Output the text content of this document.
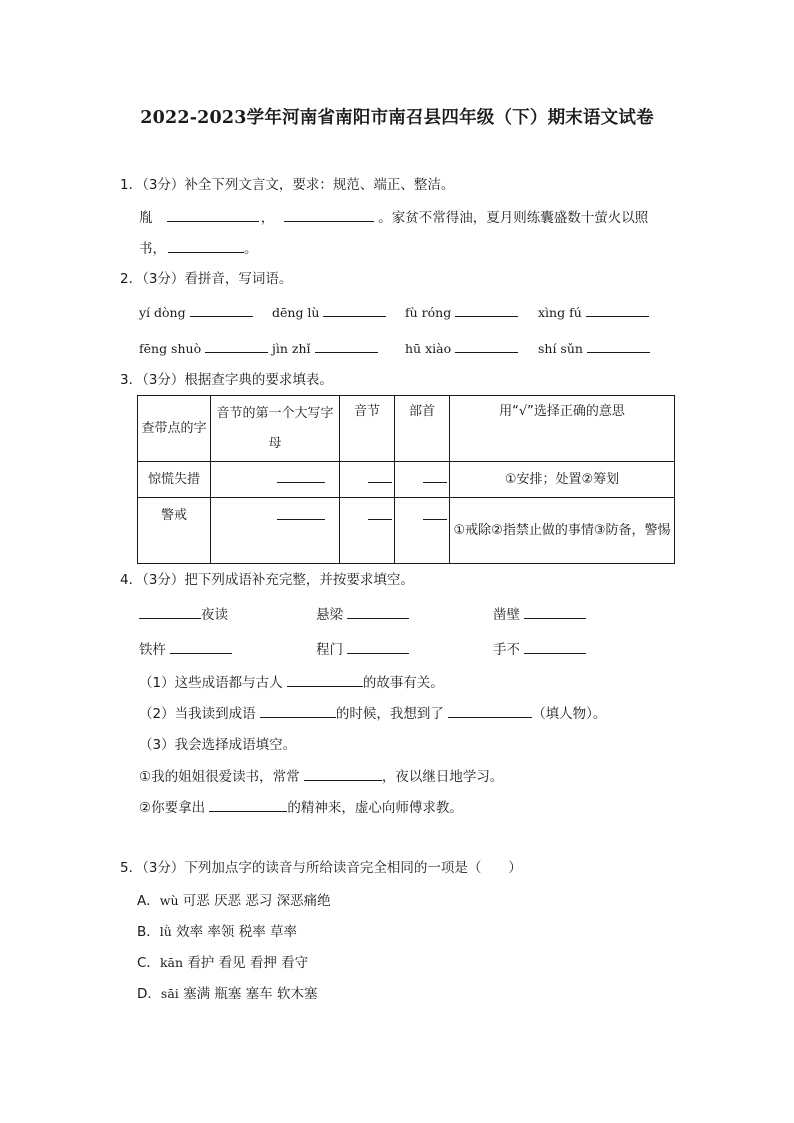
2022-2023学年河南省南阳市南召县四年级（下）期末语文试卷
1．（3分）补全下列文言文，要求：规范、端正、整洁。
胤	，	。家贫不常得油，夏月则练囊盛数十萤火以照
书，	。
2．（3分）看拼音，写词语。
yí dòng	dēng lù	fù róng	xìng fú
fēng shuò	jìn zhǐ	hū xiào	shí sǔn
3．（3分）根据查字典的要求填表。
查带点的字	音节的第一个大写字母	音节	部首	用“√”选择正确的意思
惊慌失措				①安排；处置②筹划
警戒				①戒除②指禁止做的事情③防备，警惕
4．（3分）把下列成语补充完整，并按要求填空。
夜读	悬梁	凿壁
铁杵	程门	手不
（1）这些成语都与古人	的故事有关。
（2）当我读到成语	的时候，我想到了	（填人物）。
（3）我会选择成语填空。
①我的姐姐很爱读书，常常	，夜以继日地学习。
②你要拿出	的精神来，虚心向师傅求教。
5．（3分）下列加点字的读音与所给读音完全相同的一项是（　　）
A．wù 可恶 厌恶 恶习 深恶痛绝
B．lǜ 效率 率领 税率 草率
C．kān 看护 看见 看押 看守
D．sāi 塞满 瓶塞 塞车 软木塞
